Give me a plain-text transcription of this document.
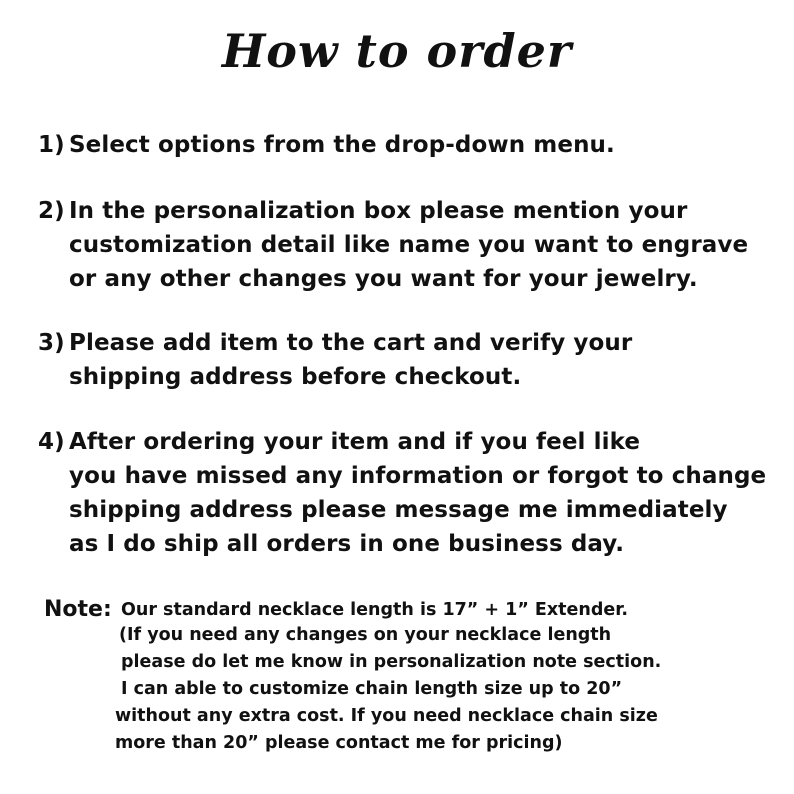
How to order
1) Select options from the drop-down menu.
2) In the personalization box please mention your
customization detail like name you want to engrave
or any other changes you want for your jewelry.
3) Please add item to the cart and verify your
shipping address before checkout.
4) After ordering your item and if you feel like
you have missed any information or forgot to change
shipping address please message me immediately
as I do ship all orders in one business day.
Note: Our standard necklace length is 17” + 1” Extender.
(If you need any changes on your necklace length
please do let me know in personalization note section.
I can able to customize chain length size up to 20”
without any extra cost. If you need necklace chain size
more than 20” please contact me for pricing)
